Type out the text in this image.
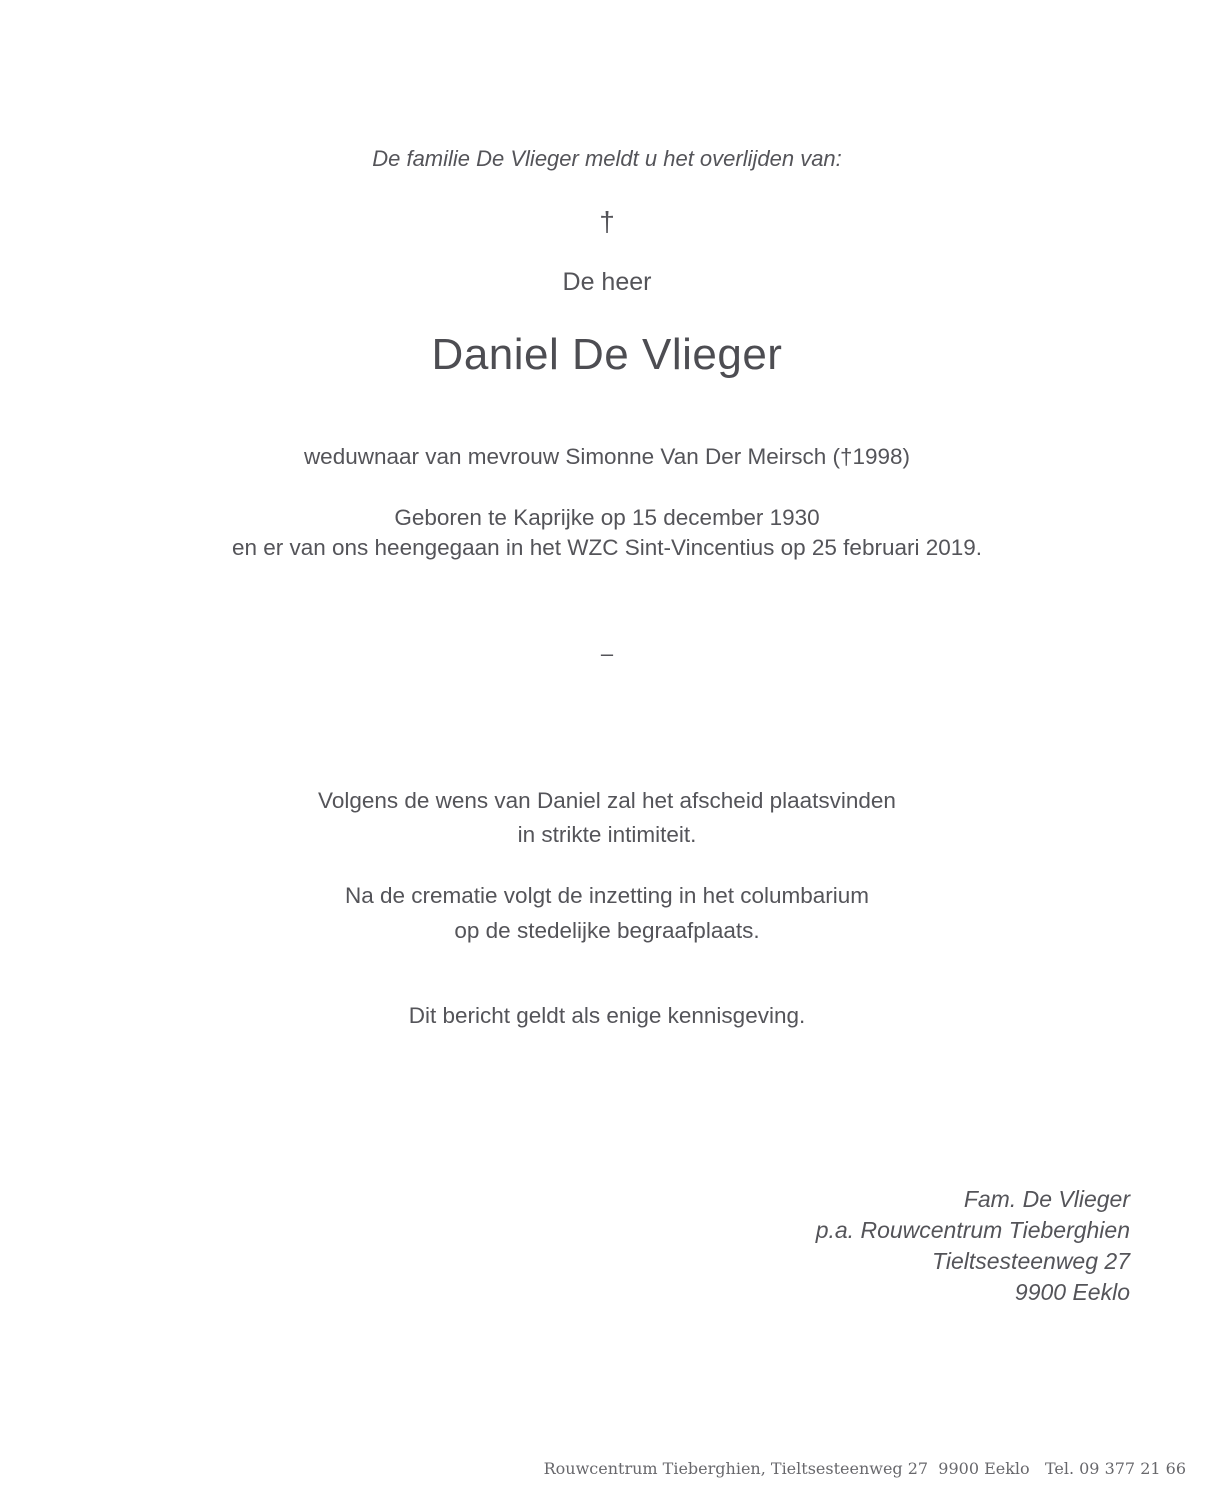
De familie De Vlieger meldt u het overlijden van:
†
De heer
Daniel De Vlieger
weduwnaar van mevrouw Simonne Van Der Meirsch (†1998)
Geboren te Kaprijke op 15 december 1930
en er van ons heengegaan in het WZC Sint-Vincentius op 25 februari 2019.
–
Volgens de wens van Daniel zal het afscheid plaatsvinden
in strikte intimiteit.
Na de crematie volgt de inzetting in het columbarium
op de stedelijke begraafplaats.
Dit bericht geldt als enige kennisgeving.
Fam. De Vlieger
p.a. Rouwcentrum Tieberghien
Tieltsesteenweg 27
9900 Eeklo
Rouwcentrum Tieberghien, Tieltsesteenweg 27  9900 Eeklo   Tel. 09 377 21 66
